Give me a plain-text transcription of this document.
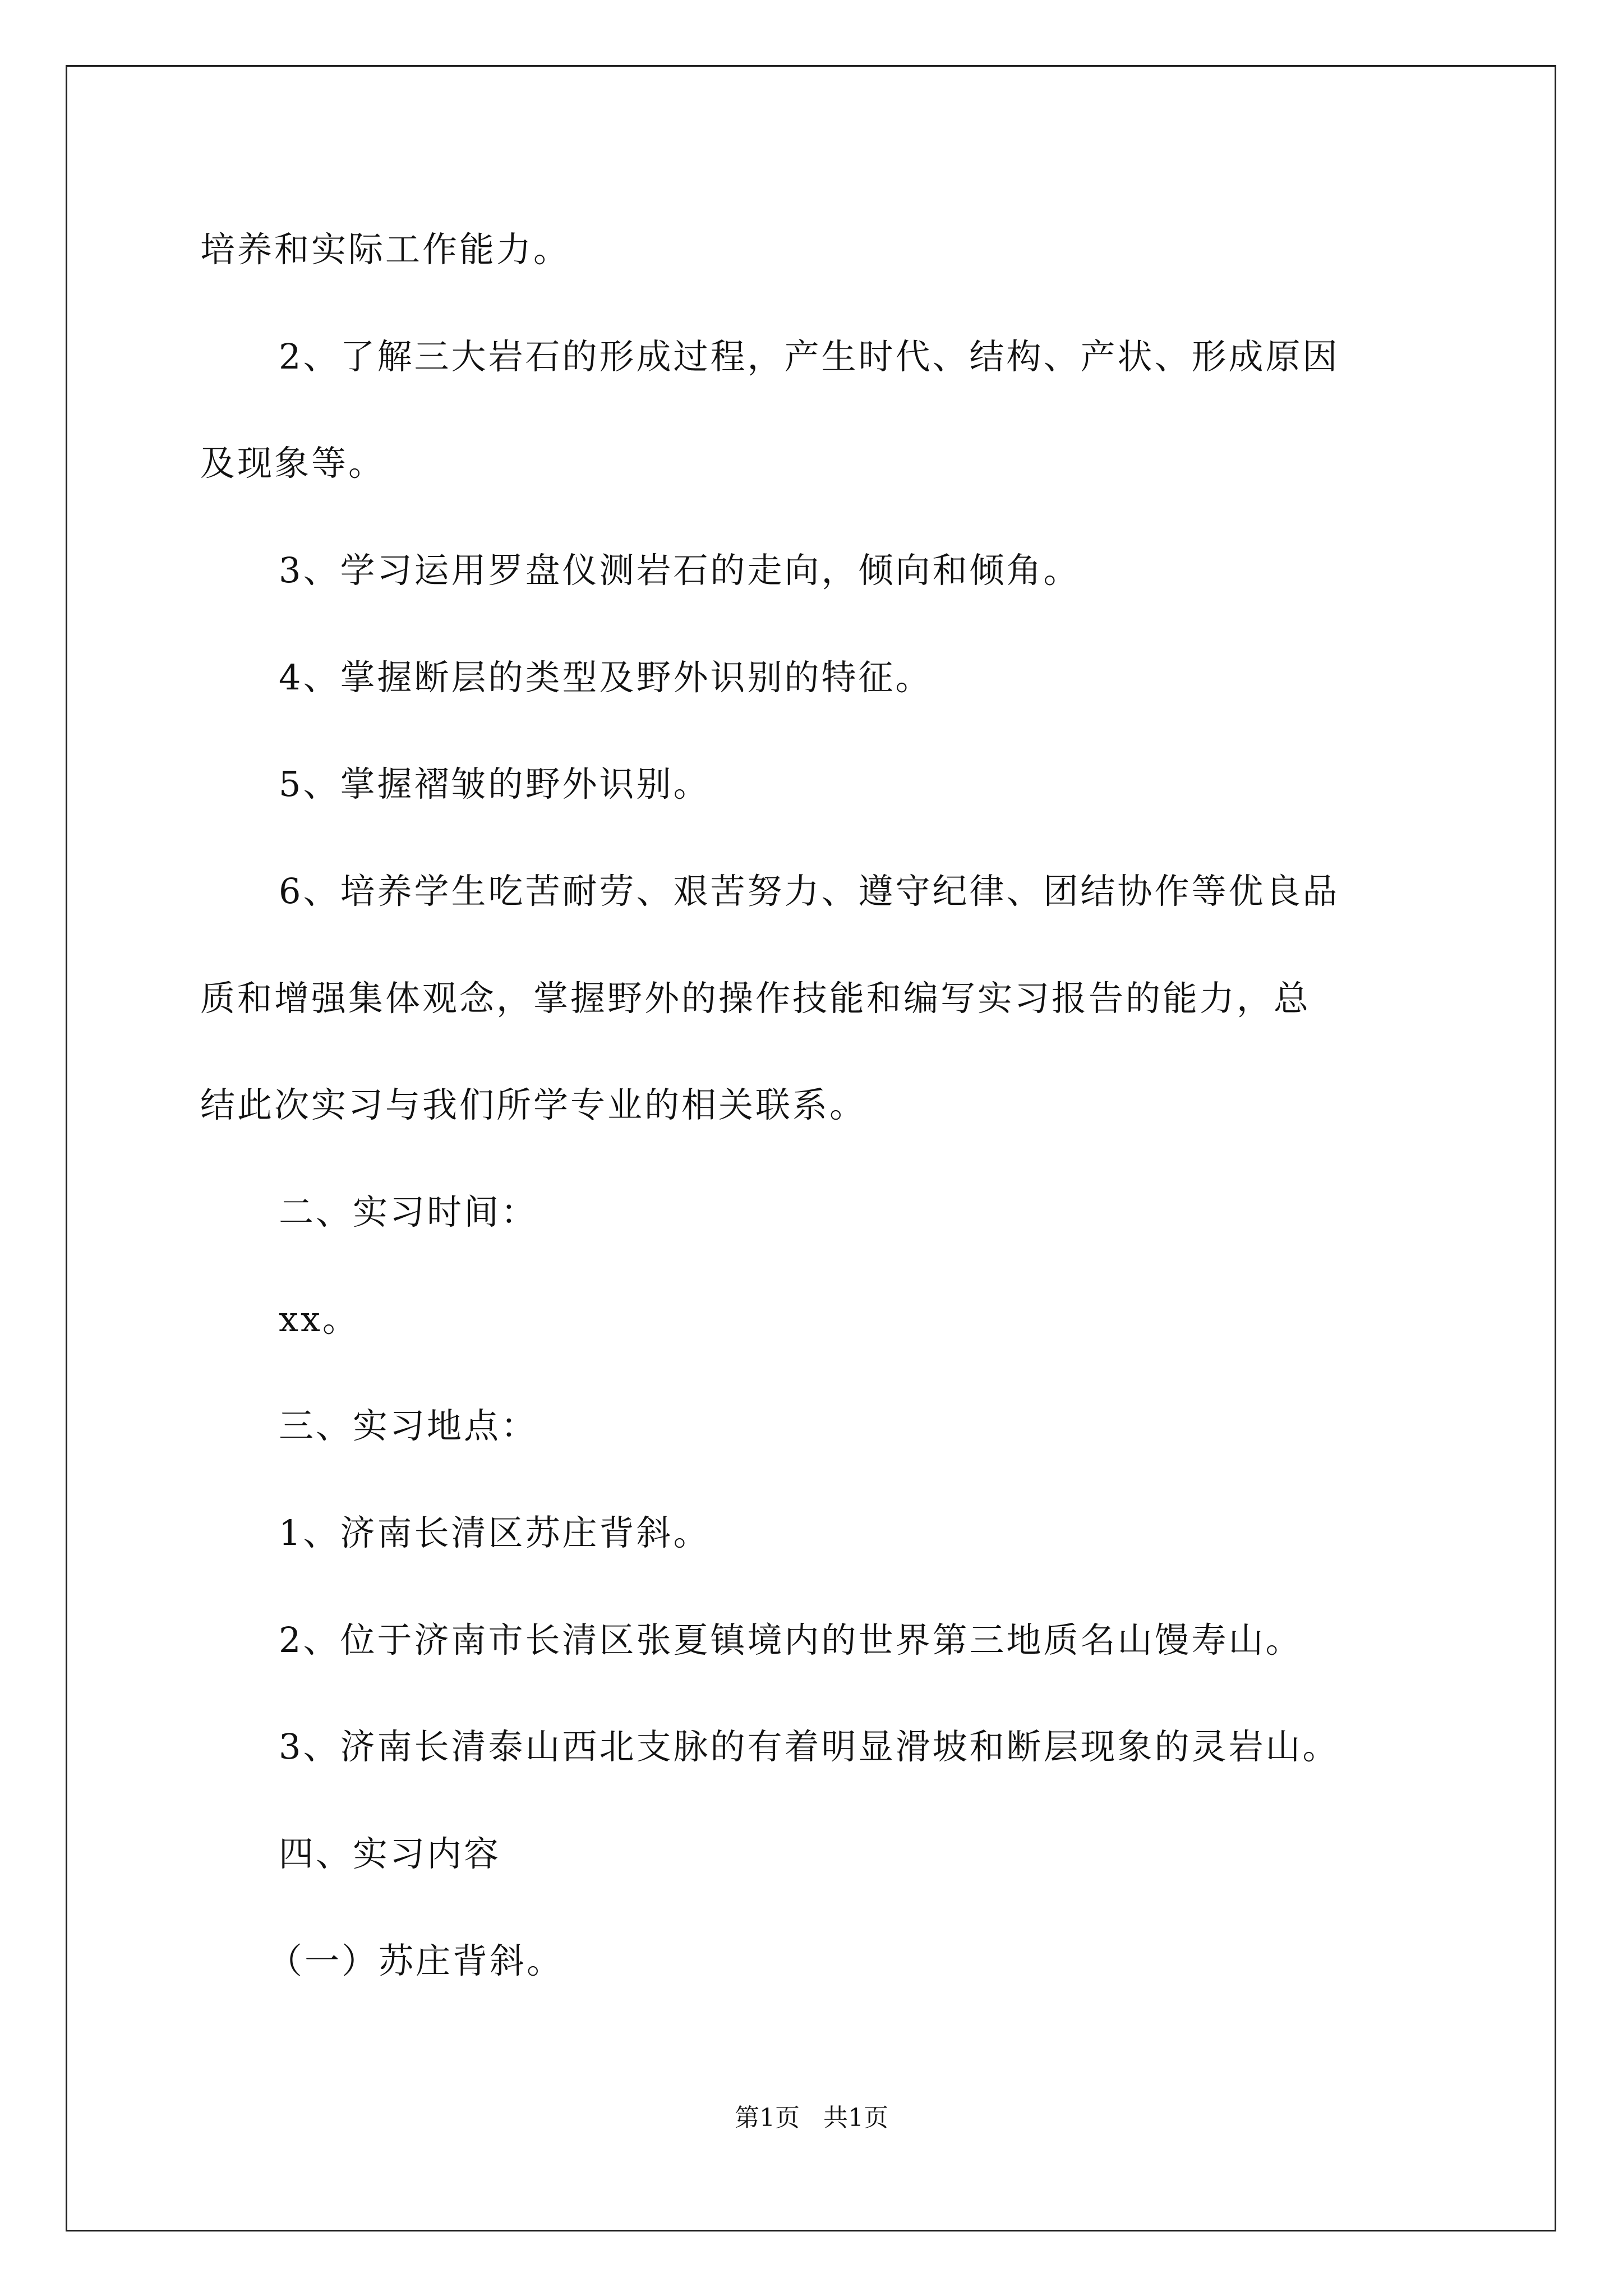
培养和实际工作能力。
2、了解三大岩石的形成过程，产生时代、结构、产状、形成原因
及现象等。
3、学习运用罗盘仪测岩石的走向，倾向和倾角。
4、掌握断层的类型及野外识别的特征。
5、掌握褶皱的野外识别。
6、培养学生吃苦耐劳、艰苦努力、遵守纪律、团结协作等优良品
质和增强集体观念，掌握野外的操作技能和编写实习报告的能力，总
结此次实习与我们所学专业的相关联系。
二、实习时间：
xx。
三、实习地点：
1、济南长清区苏庄背斜。
2、位于济南市长清区张夏镇境内的世界第三地质名山馒寿山。
3、济南长清泰山西北支脉的有着明显滑坡和断层现象的灵岩山。
四、实习内容
（一）苏庄背斜。
第1页   共1页
